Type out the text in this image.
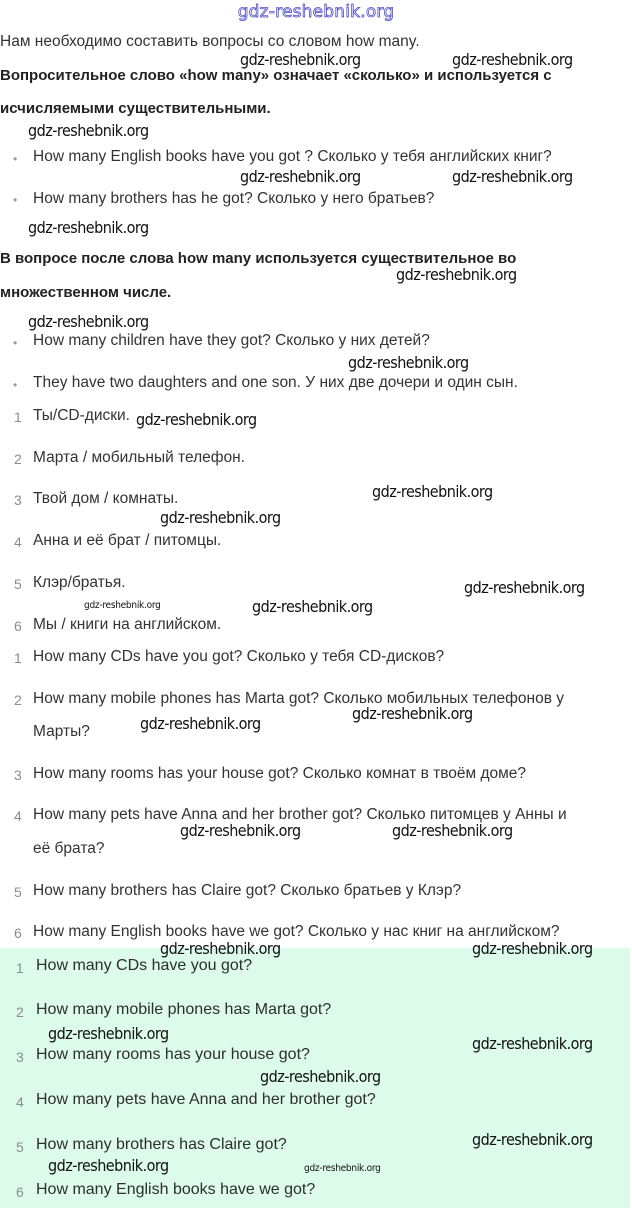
gdz-reshebnik.org
Нам необходимо составить вопросы со словом how many.
Вопросительное слово «how many» означает «сколько» и используется с
исчисляемыми существительными.
• How many English books have you got ? Сколько у тебя английских книг?
• How many brothers has he got? Сколько у него братьев?
В вопросе после слова how many используется существительное во
множественном числе.
• How many children have they got? Сколько у них детей?
• They have two daughters and one son. У них две дочери и один сын.
1 Ты/CD-диски.
2 Марта / мобильный телефон.
3 Твой дом / комнаты.
4 Анна и её брат / питомцы.
5 Клэр/братья.
6 Мы / книги на английском.
1 How many CDs have you got? Сколько у тебя CD-дисков?
2 How many mobile phones has Marta got? Сколько мобильных телефонов у
Марты?
3 How many rooms has your house got? Сколько комнат в твоём доме?
4 How many pets have Anna and her brother got? Сколько питомцев у Анны и
её брата?
5 How many brothers has Claire got? Сколько братьев у Клэр?
6 How many English books have we got? Сколько у нас книг на английском?
1 How many CDs have you got?
2 How many mobile phones has Marta got?
3 How many rooms has your house got?
4 How many pets have Anna and her brother got?
5 How many brothers has Claire got?
6 How many English books have we got?
gdz-reshebnik.org	gdz-reshebnik.org
gdz-reshebnik.org
gdz-reshebnik.org	gdz-reshebnik.org
gdz-reshebnik.org
gdz-reshebnik.org
gdz-reshebnik.org
gdz-reshebnik.org
gdz-reshebnik.org
gdz-reshebnik.org
gdz-reshebnik.org
gdz-reshebnik.org
gdz-reshebnik.org	gdz-reshebnik.org
gdz-reshebnik.org
gdz-reshebnik.org
gdz-reshebnik.org	gdz-reshebnik.org
gdz-reshebnik.org	gdz-reshebnik.org
gdz-reshebnik.org
gdz-reshebnik.org
gdz-reshebnik.org
gdz-reshebnik.org
gdz-reshebnik.org	gdz-reshebnik.org
